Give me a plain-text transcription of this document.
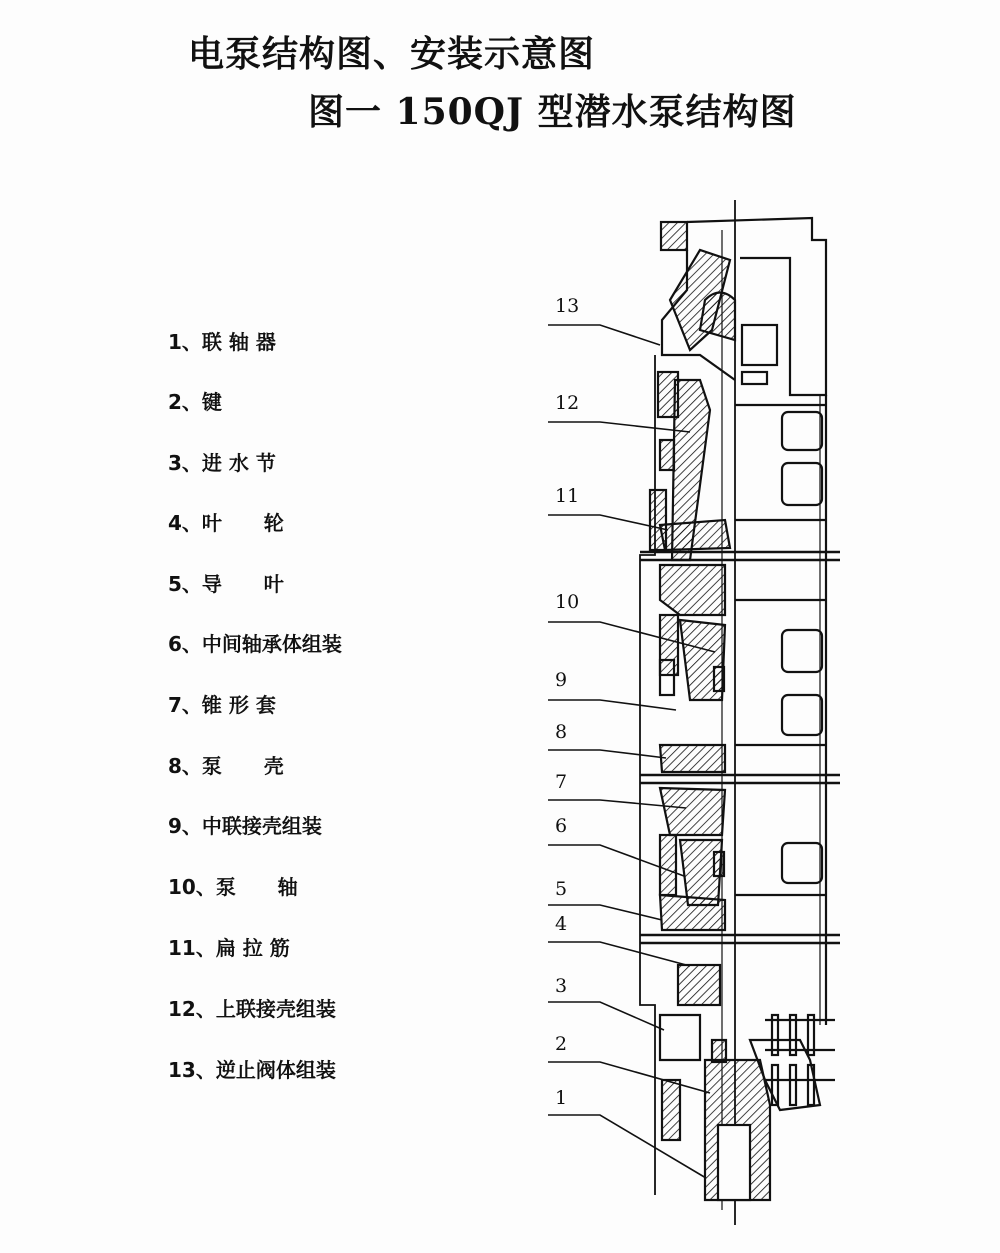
电泵结构图、安装示意图
图一 150QJ 型潜水泵结构图
1、联 轴 器
2、键
3、进 水 节
4、叶      轮
5、导      叶
6、中间轴承体组装
7、锥 形 套
8、泵      壳
9、中联接壳组装
10、泵      轴
11、扁 拉 筋
12、上联接壳组装
13、逆止阀体组装
13
12
11
10
9
8
7
6
5
4
3
2
1
